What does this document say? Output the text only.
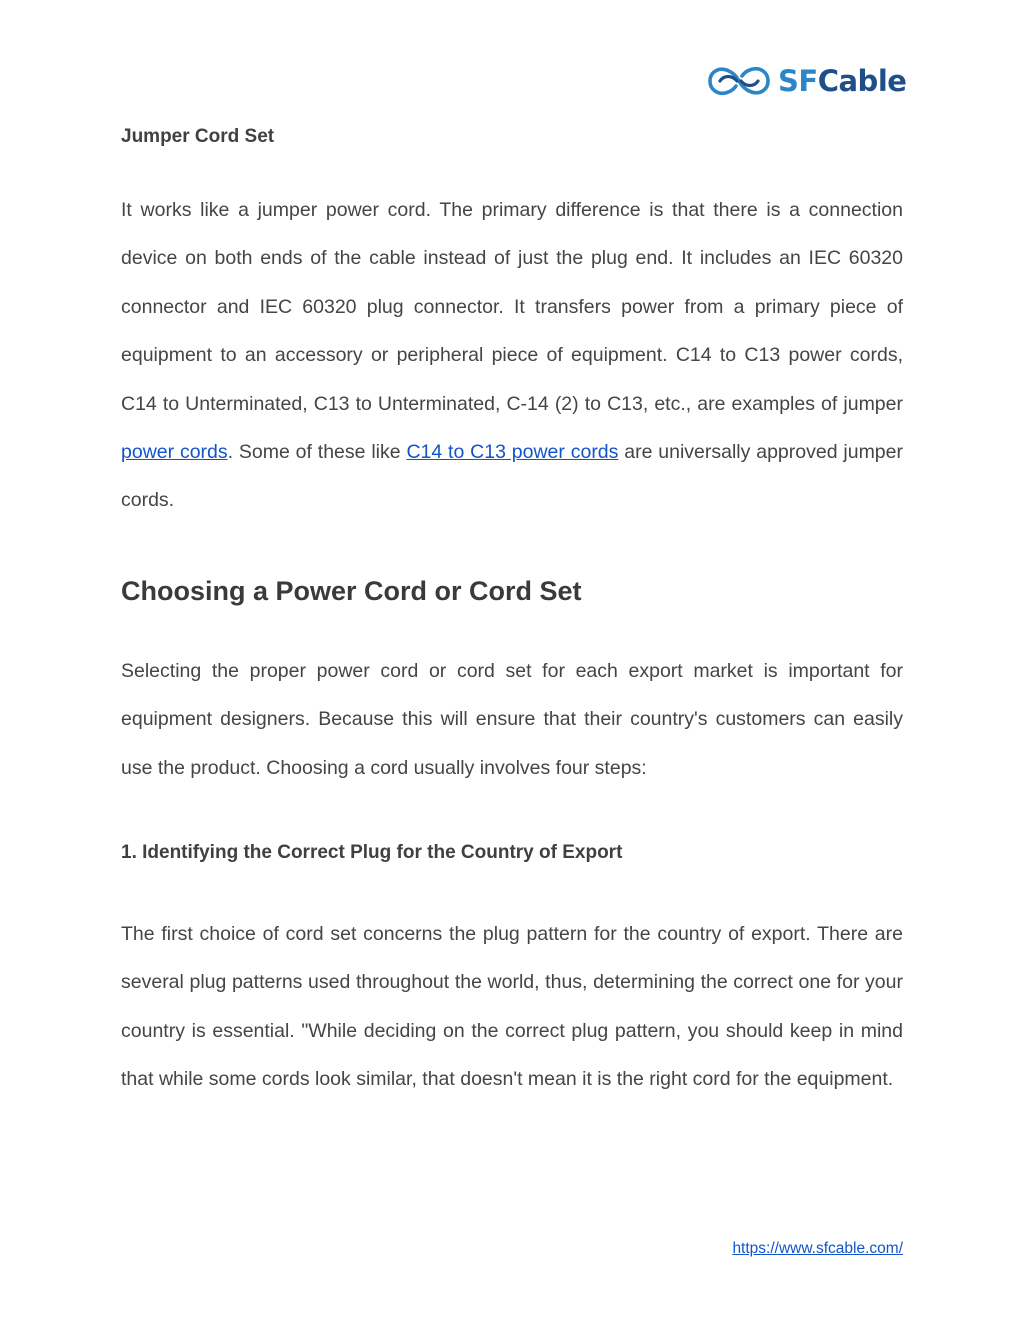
SFCable
Jumper Cord Set

It works like a jumper power cord. The primary difference is that there is a connection device on both ends of the cable instead of just the plug end. It includes an IEC 60320 connector and IEC 60320 plug connector. It transfers power from a primary piece of equipment to an accessory or peripheral piece of equipment. C14 to C13 power cords, C14 to Unterminated, C13 to Unterminated, C-14 (2) to C13, etc., are examples of jumper power cords. Some of these like C14 to C13 power cords are universally approved jumper cords.

Choosing a Power Cord or Cord Set

Selecting the proper power cord or cord set for each export market is important for equipment designers. Because this will ensure that their country's customers can easily use the product. Choosing a cord usually involves four steps:

1. Identifying the Correct Plug for the Country of Export

The first choice of cord set concerns the plug pattern for the country of export. There are several plug patterns used throughout the world, thus, determining the correct one for your country is essential. "While deciding on the correct plug pattern, you should keep in mind that while some cords look similar, that doesn't mean it is the right cord for the equipment.

https://www.sfcable.com/
